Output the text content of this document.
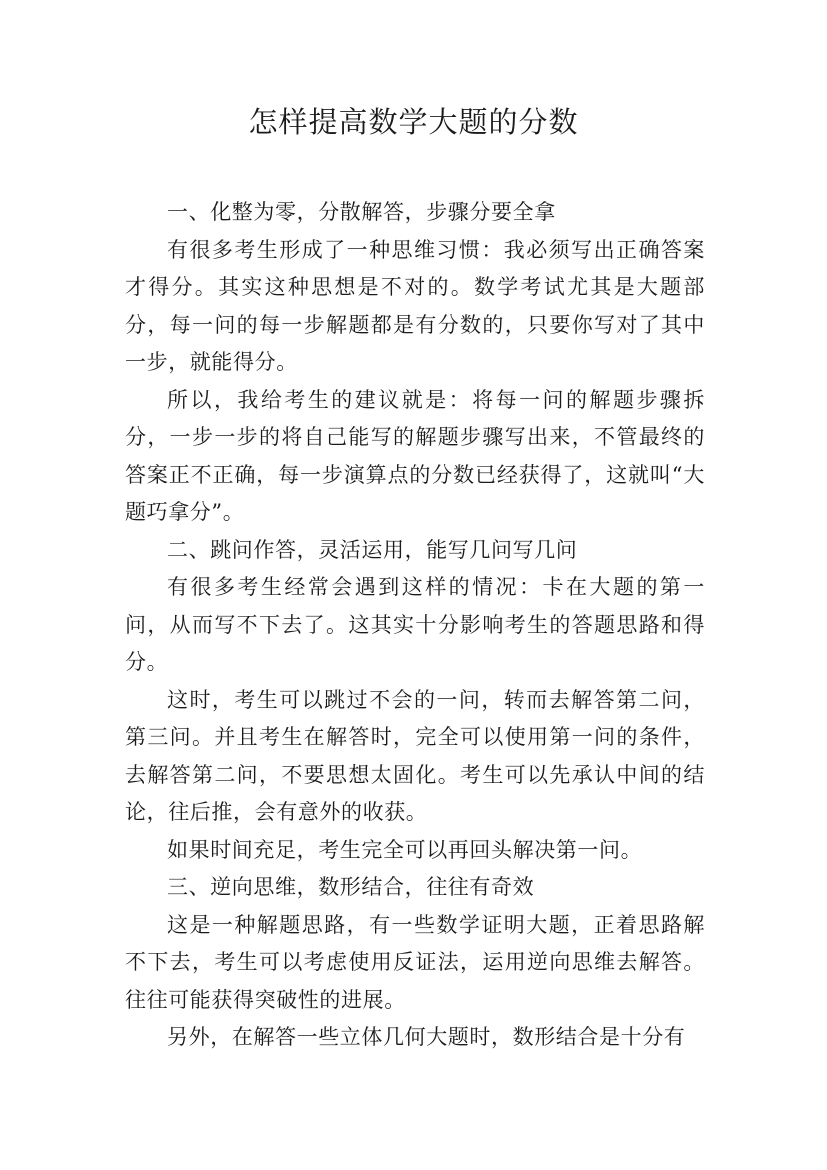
怎样提高数学大题的分数

一、化整为零，分散解答，步骤分要全拿

有很多考生形成了一种思维习惯：我必须写出正确答案才得分。其实这种思想是不对的。数学考试尤其是大题部分，每一问的每一步解题都是有分数的，只要你写对了其中一步，就能得分。

所以，我给考生的建议就是：将每一问的解题步骤拆分，一步一步的将自己能写的解题步骤写出来，不管最终的答案正不正确，每一步演算点的分数已经获得了，这就叫“大题巧拿分”。

二、跳问作答，灵活运用，能写几问写几问

有很多考生经常会遇到这样的情况：卡在大题的第一问，从而写不下去了。这其实十分影响考生的答题思路和得分。

这时，考生可以跳过不会的一问，转而去解答第二问，第三问。并且考生在解答时，完全可以使用第一问的条件，去解答第二问，不要思想太固化。考生可以先承认中间的结论，往后推，会有意外的收获。

如果时间充足，考生完全可以再回头解决第一问。

三、逆向思维，数形结合，往往有奇效

这是一种解题思路，有一些数学证明大题，正着思路解不下去，考生可以考虑使用反证法，运用逆向思维去解答。往往可能获得突破性的进展。

另外，在解答一些立体几何大题时，数形结合是十分有
